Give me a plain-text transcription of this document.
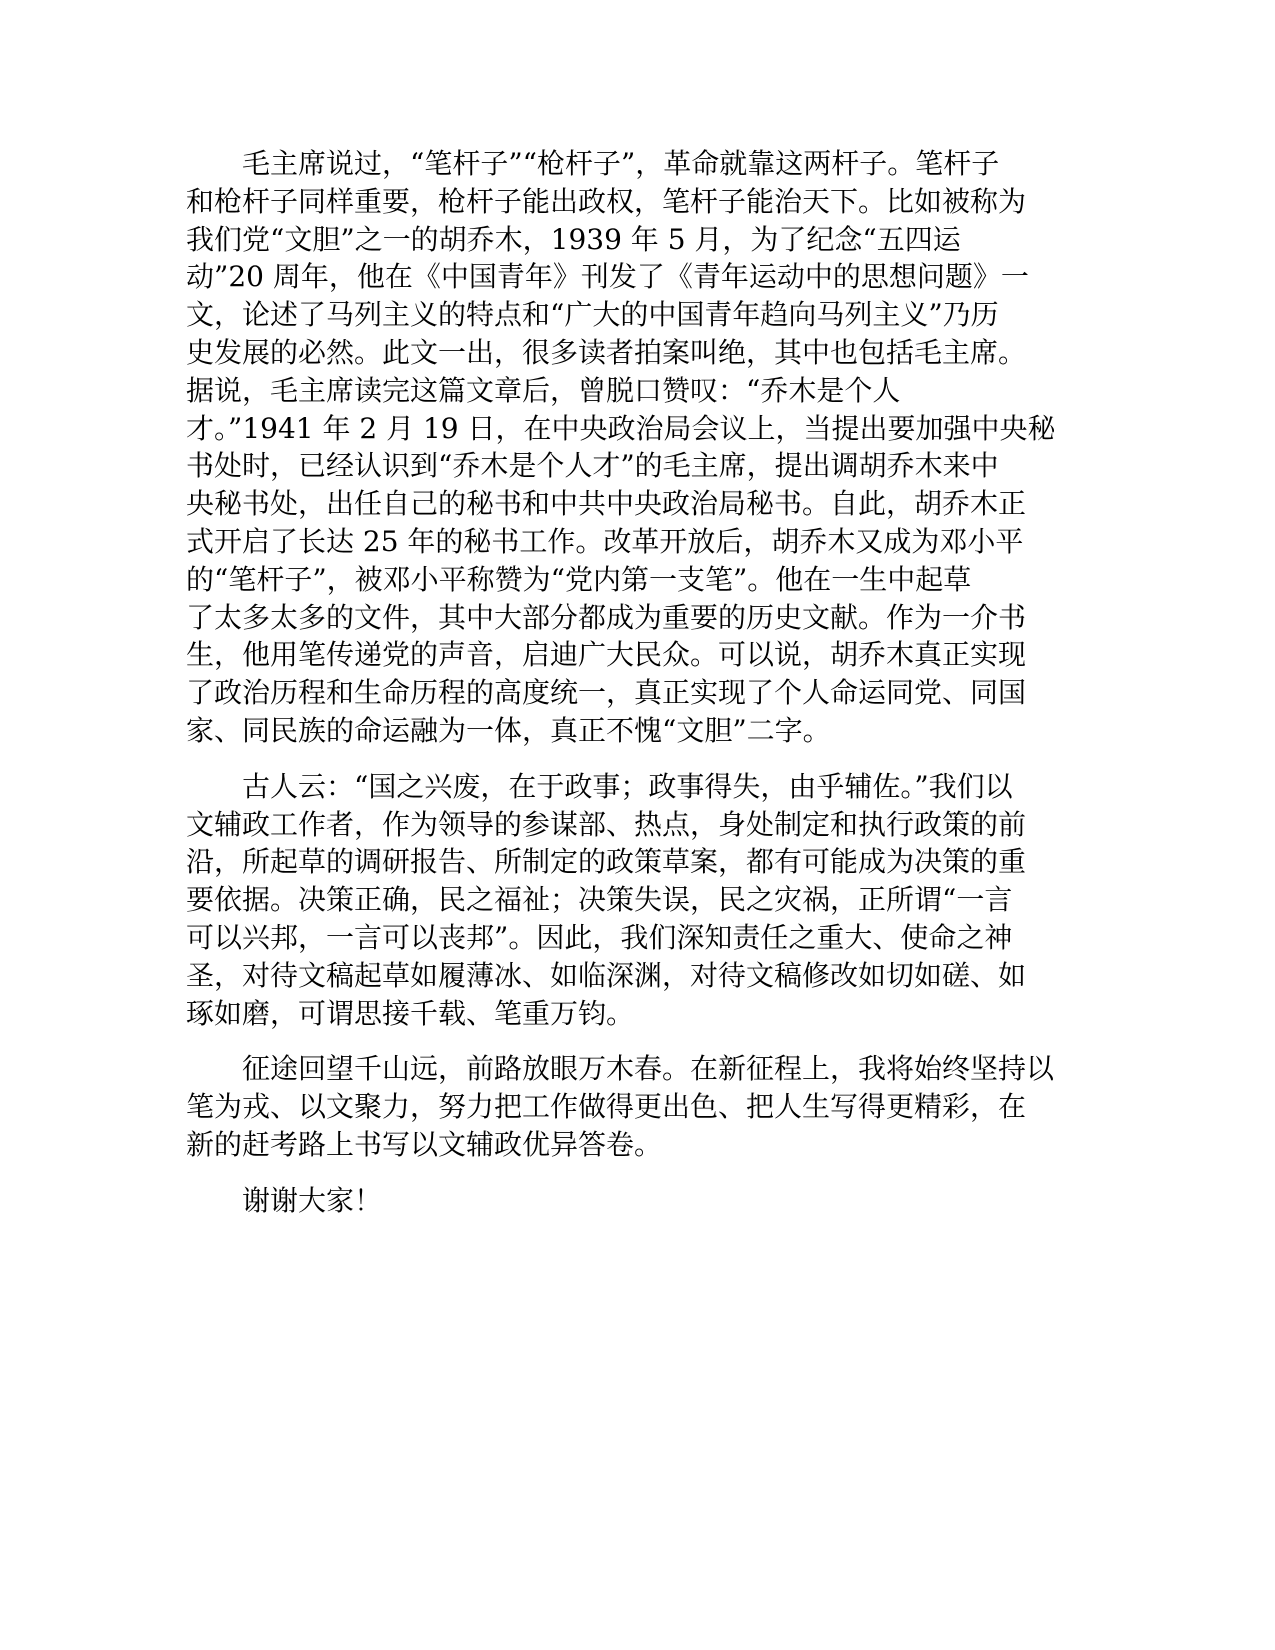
毛主席说过，“笔杆子”“枪杆子”，革命就靠这两杆子。笔杆子
和枪杆子同样重要，枪杆子能出政权，笔杆子能治天下。比如被称为
我们党“文胆”之一的胡乔木，1939 年 5 月，为了纪念“五四运
动”20 周年，他在《中国青年》刊发了《青年运动中的思想问题》一
文，论述了马列主义的特点和“广大的中国青年趋向马列主义”乃历
史发展的必然。此文一出，很多读者拍案叫绝，其中也包括毛主席。
据说，毛主席读完这篇文章后，曾脱口赞叹：“乔木是个人
才。”1941 年 2 月 19 日，在中央政治局会议上，当提出要加强中央秘
书处时，已经认识到“乔木是个人才”的毛主席，提出调胡乔木来中
央秘书处，出任自己的秘书和中共中央政治局秘书。自此，胡乔木正
式开启了长达 25 年的秘书工作。改革开放后，胡乔木又成为邓小平
的“笔杆子”，被邓小平称赞为“党内第一支笔”。他在一生中起草
了太多太多的文件，其中大部分都成为重要的历史文献。作为一介书
生，他用笔传递党的声音，启迪广大民众。可以说，胡乔木真正实现
了政治历程和生命历程的高度统一，真正实现了个人命运同党、同国
家、同民族的命运融为一体，真正不愧“文胆”二字。

古人云：“国之兴废，在于政事；政事得失，由乎辅佐。”我们以
文辅政工作者，作为领导的参谋部、热点，身处制定和执行政策的前
沿，所起草的调研报告、所制定的政策草案，都有可能成为决策的重
要依据。决策正确，民之福祉；决策失误，民之灾祸，正所谓“一言
可以兴邦，一言可以丧邦”。因此，我们深知责任之重大、使命之神
圣，对待文稿起草如履薄冰、如临深渊，对待文稿修改如切如磋、如
琢如磨，可谓思接千载、笔重万钧。

征途回望千山远，前路放眼万木春。在新征程上，我将始终坚持以
笔为戎、以文聚力，努力把工作做得更出色、把人生写得更精彩，在
新的赶考路上书写以文辅政优异答卷。

谢谢大家！
